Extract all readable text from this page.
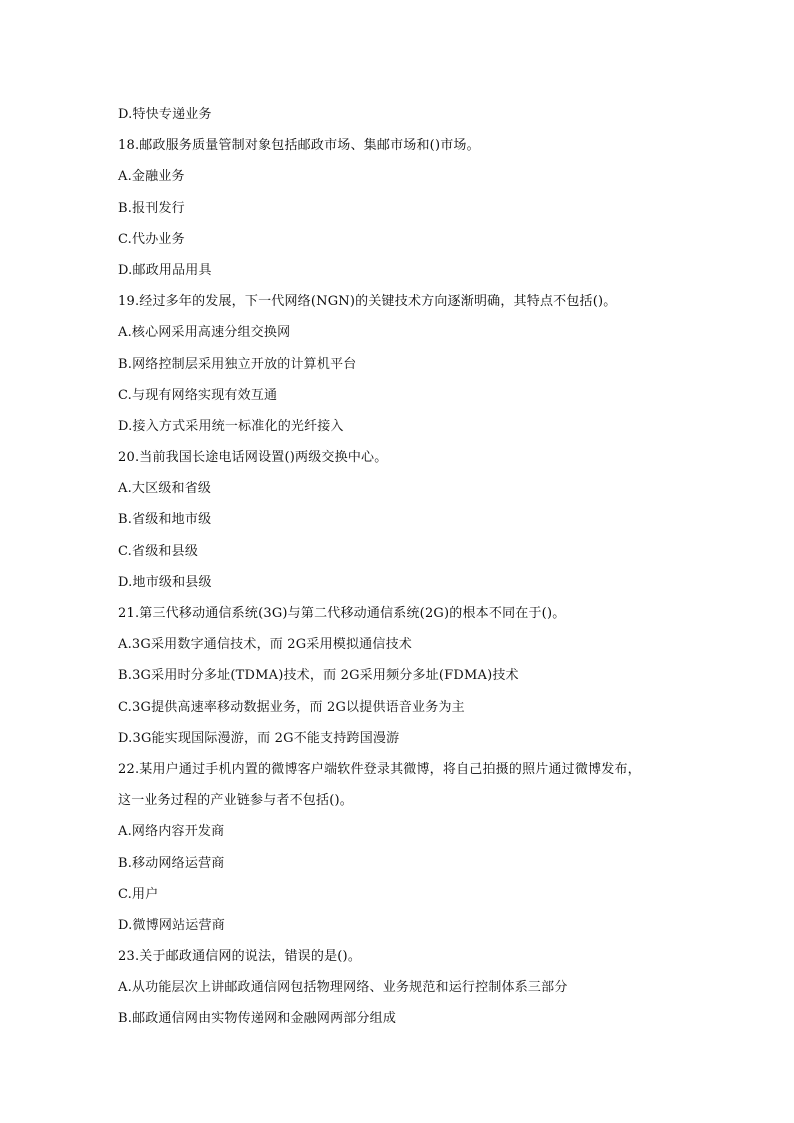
D.特快专递业务
18.邮政服务质量管制对象包括邮政市场、集邮市场和()市场。
A.金融业务
B.报刊发行
C.代办业务
D.邮政用品用具
19.经过多年的发展，下一代网络(NGN)的关键技术方向逐渐明确，其特点不包括()。
A.核心网采用高速分组交换网
B.网络控制层采用独立开放的计算机平台
C.与现有网络实现有效互通
D.接入方式采用统一标准化的光纤接入
20.当前我国长途电话网设置()两级交换中心。
A.大区级和省级
B.省级和地市级
C.省级和县级
D.地市级和县级
21.第三代移动通信系统(3G)与第二代移动通信系统(2G)的根本不同在于()。
A.3G采用数字通信技术，而 2G采用模拟通信技术
B.3G采用时分多址(TDMA)技术，而 2G采用频分多址(FDMA)技术
C.3G提供高速率移动数据业务，而 2G以提供语音业务为主
D.3G能实现国际漫游，而 2G不能支持跨国漫游
22.某用户通过手机内置的微博客户端软件登录其微博，将自己拍摄的照片通过微博发布，
这一业务过程的产业链参与者不包括()。
A.网络内容开发商
B.移动网络运营商
C.用户
D.微博网站运营商
23.关于邮政通信网的说法，错误的是()。
A.从功能层次上讲邮政通信网包括物理网络、业务规范和运行控制体系三部分
B.邮政通信网由实物传递网和金融网两部分组成
